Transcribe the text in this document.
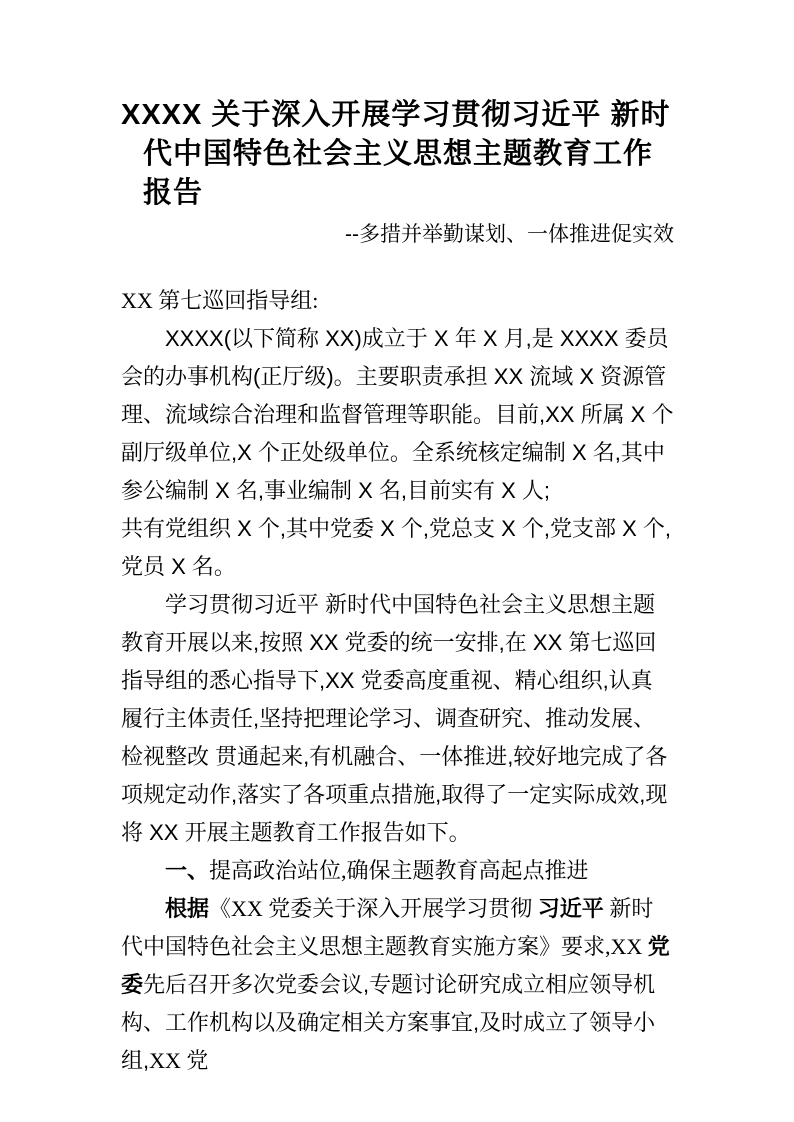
XXXX 关于深入开展学习贯彻习近平 新时代中国特色社会主义思想主题教育工作报告

--多措并举勤谋划、一体推进促实效

XX 第七巡回指导组:

XXXX(以下简称 XX)成立于 X 年 X 月,是 XXXX 委员会的办事机构(正厅级)。主要职责承担 XX 流域 X 资源管理、流域综合治理和监督管理等职能。目前,XX 所属 X 个副厅级单位,X 个正处级单位。全系统核定编制 X 名,其中参公编制 X 名,事业编制 X 名,目前实有 X 人;

共有党组织 X 个,其中党委 X 个,党总支 X 个,党支部 X 个,党员 X 名。

学习贯彻习近平 新时代中国特色社会主义思想主题教育开展以来,按照 XX 党委的统一安排,在 XX 第七巡回指导组的悉心指导下,XX 党委高度重视、精心组织,认真履行主体责任,坚持把理论学习、调查研究、推动发展、检视整改 贯通起来,有机融合、一体推进,较好地完成了各项规定动作,落实了各项重点措施,取得了一定实际成效,现将 XX 开展主题教育工作报告如下。

一、提高政治站位,确保主题教育高起点推进

根据《XX 党委关于深入开展学习贯彻 习近平 新时代中国特色社会主义思想主题教育实施方案》要求,XX 党委先后召开多次党委会议,专题讨论研究成立相应领导机构、工作机构以及确定相关方案事宜,及时成立了领导小组,XX 党
